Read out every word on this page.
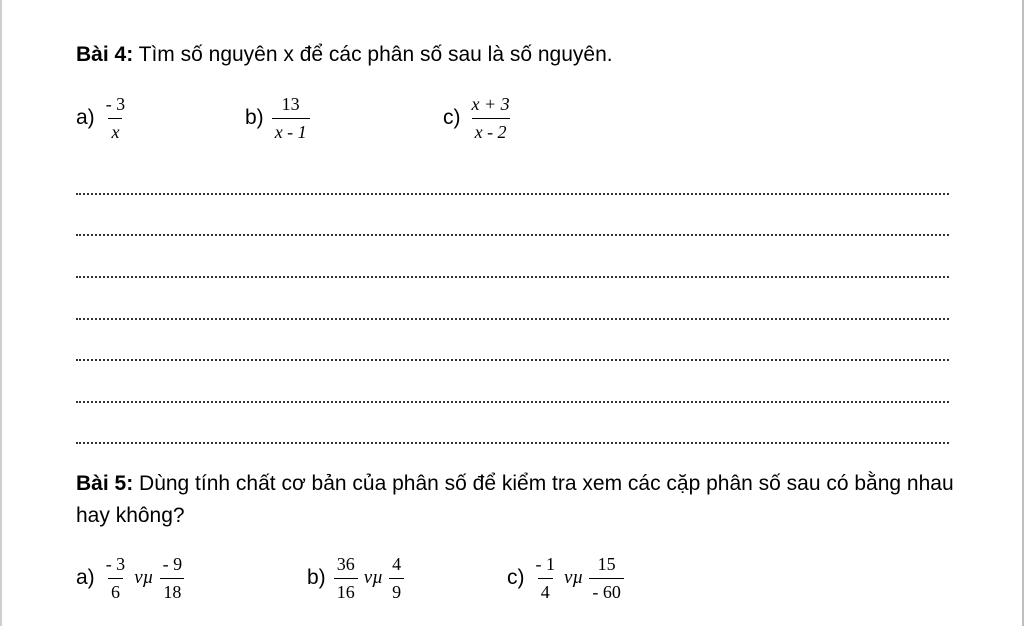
Bài 4: Tìm số nguyên x để các phân số sau là số nguyên.
$a) \frac{- 3}{x}$	$b) \frac{13}{x - 1}$	$c) \frac{x + 3}{x - 2}$
Bài 5: Dùng tính chất cơ bản của phân số để kiểm tra xem các cặp phân số sau có bằng nhau hay không?
$a) \frac{- 3}{6}$ vµ $\frac{- 9}{18}$	$b) \frac{36}{16}$ vµ $\frac{4}{9}$	$c) \frac{- 1}{4}$ vµ $\frac{15}{- 60}$
